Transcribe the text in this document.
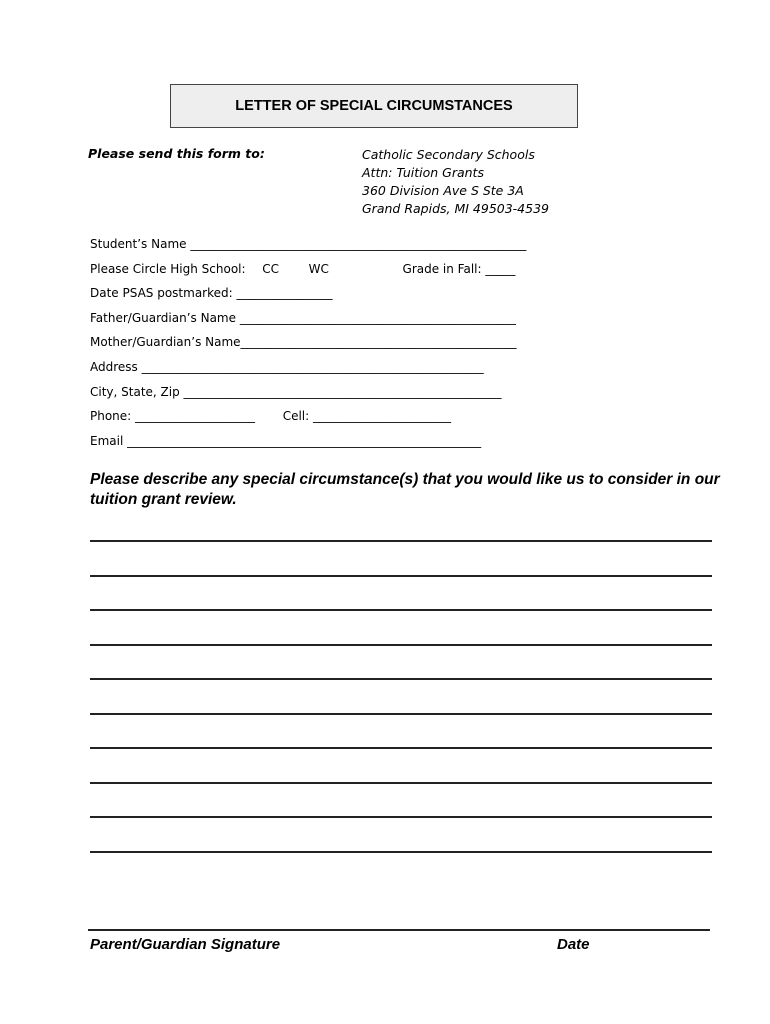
LETTER OF SPECIAL CIRCUMSTANCES
Please send this form to:	Catholic Secondary Schools
Attn: Tuition Grants
360 Division Ave S Ste 3A
Grand Rapids, MI 49503-4539
Student’s Name ________________________________________________________
Please Circle High School: CC WC	Grade in Fall: _____
Date PSAS postmarked: ________________
Father/Guardian’s Name ______________________________________________
Mother/Guardian’s Name______________________________________________
Address _________________________________________________________
City, State, Zip _____________________________________________________
Phone: ____________________ Cell: _______________________
Email ___________________________________________________________
Please describe any special circumstance(s) that you would like us to consider in our tuition grant review.
Parent/Guardian Signature	Date
